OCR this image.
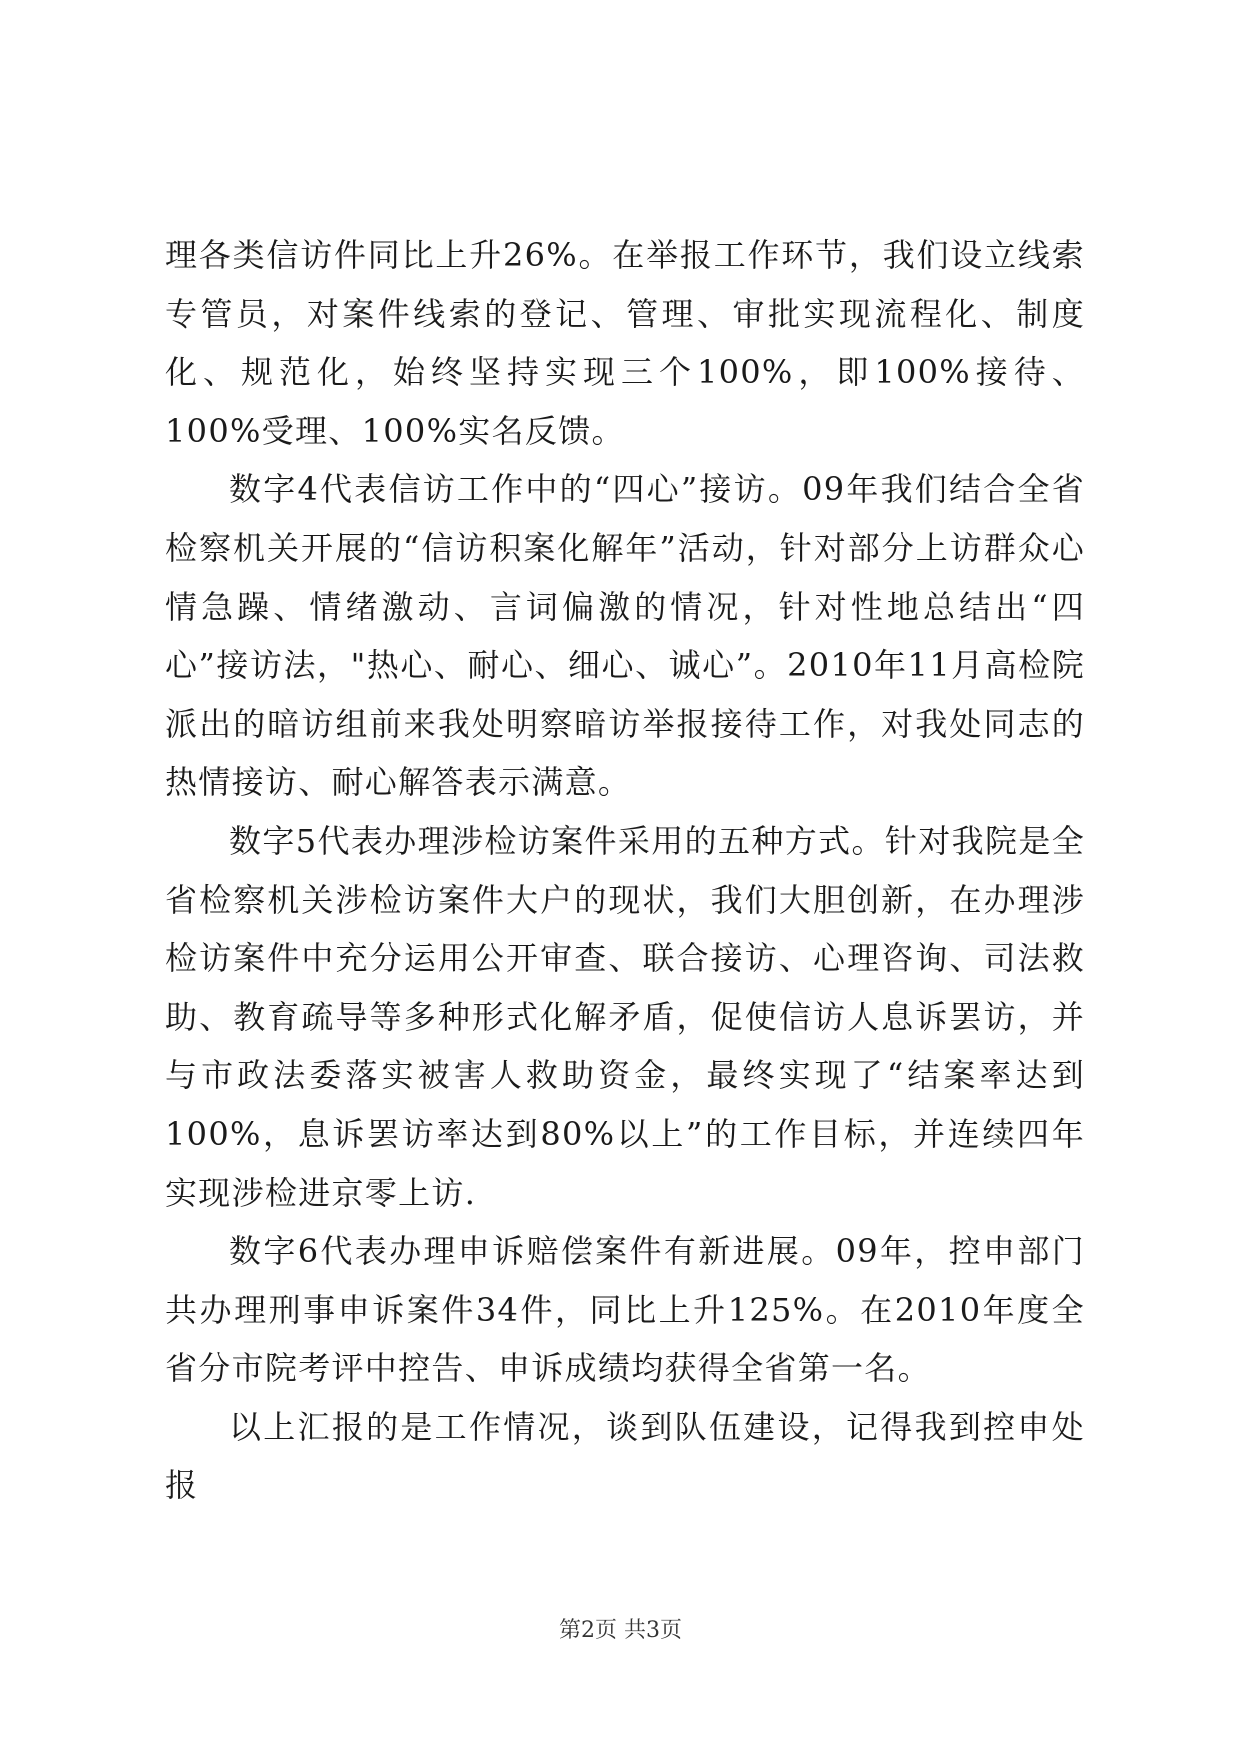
理各类信访件同比上升26%。在举报工作环节，我们设立线索专管员，对案件线索的登记、管理、审批实现流程化、制度化、规范化，始终坚持实现三个100%，即100%接待、100%受理、100%实名反馈。

数字4代表信访工作中的“四心”接访。09年我们结合全省检察机关开展的“信访积案化解年”活动，针对部分上访群众心情急躁、情绪激动、言词偏激的情况，针对性地总结出“四心”接访法，"热心、耐心、细心、诚心”。2010年11月高检院派出的暗访组前来我处明察暗访举报接待工作，对我处同志的热情接访、耐心解答表示满意。

数字5代表办理涉检访案件采用的五种方式。针对我院是全省检察机关涉检访案件大户的现状，我们大胆创新，在办理涉检访案件中充分运用公开审查、联合接访、心理咨询、司法救助、教育疏导等多种形式化解矛盾，促使信访人息诉罢访，并与市政法委落实被害人救助资金，最终实现了“结案率达到100%，息诉罢访率达到80%以上”的工作目标，并连续四年实现涉检进京零上访.

数字6代表办理申诉赔偿案件有新进展。09年，控申部门共办理刑事申诉案件34件，同比上升125%。在2010年度全省分市院考评中控告、申诉成绩均获得全省第一名。

以上汇报的是工作情况，谈到队伍建设，记得我到控申处报

第2页 共3页
